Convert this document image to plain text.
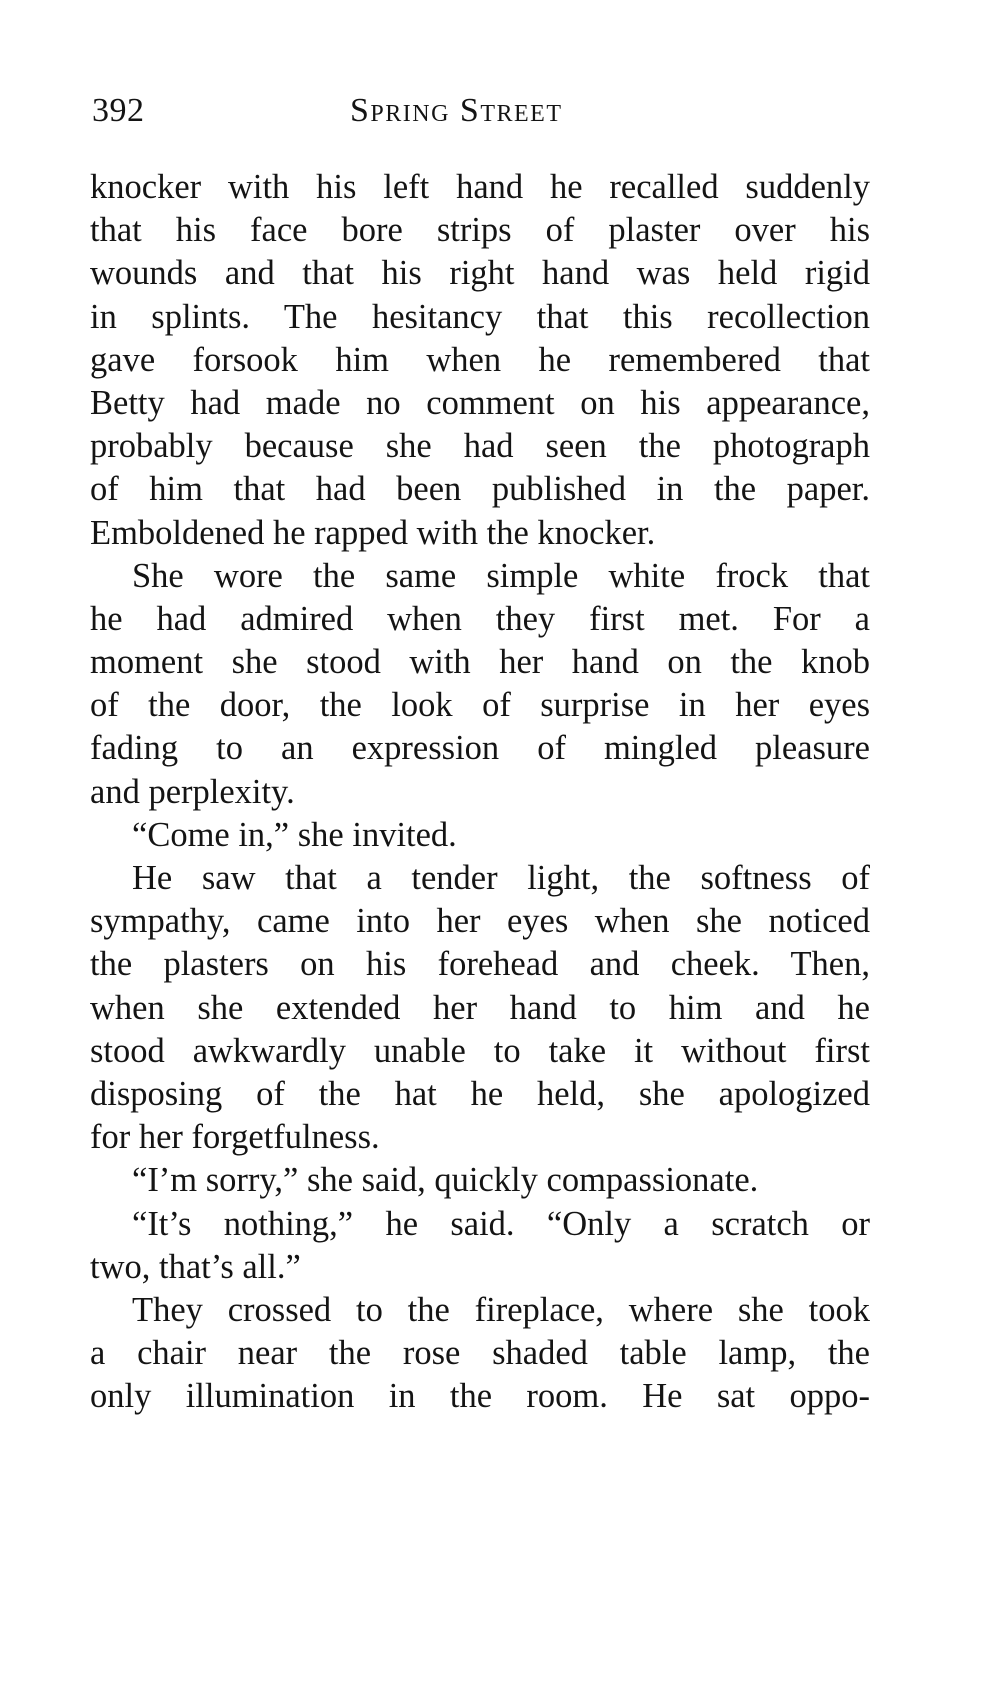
392	Spring Street
knocker with his left hand he recalled suddenly
that his face bore strips of plaster over his
wounds and that his right hand was held rigid
in splints. The hesitancy that this recollection
gave forsook him when he remembered that
Betty had made no comment on his appearance,
probably because she had seen the photograph
of him that had been published in the paper.
Emboldened he rapped with the knocker.
She wore the same simple white frock that
he had admired when they first met. For a
moment she stood with her hand on the knob
of the door, the look of surprise in her eyes
fading to an expression of mingled pleasure
and perplexity.
“Come in,” she invited.
He saw that a tender light, the softness of
sympathy, came into her eyes when she noticed
the plasters on his forehead and cheek. Then,
when she extended her hand to him and he
stood awkwardly unable to take it without first
disposing of the hat he held, she apologized
for her forgetfulness.
“I’m sorry,” she said, quickly compassionate.
“It’s nothing,” he said. “Only a scratch or
two, that’s all.”
They crossed to the fireplace, where she took
a chair near the rose shaded table lamp, the
only illumination in the room. He sat oppo-
